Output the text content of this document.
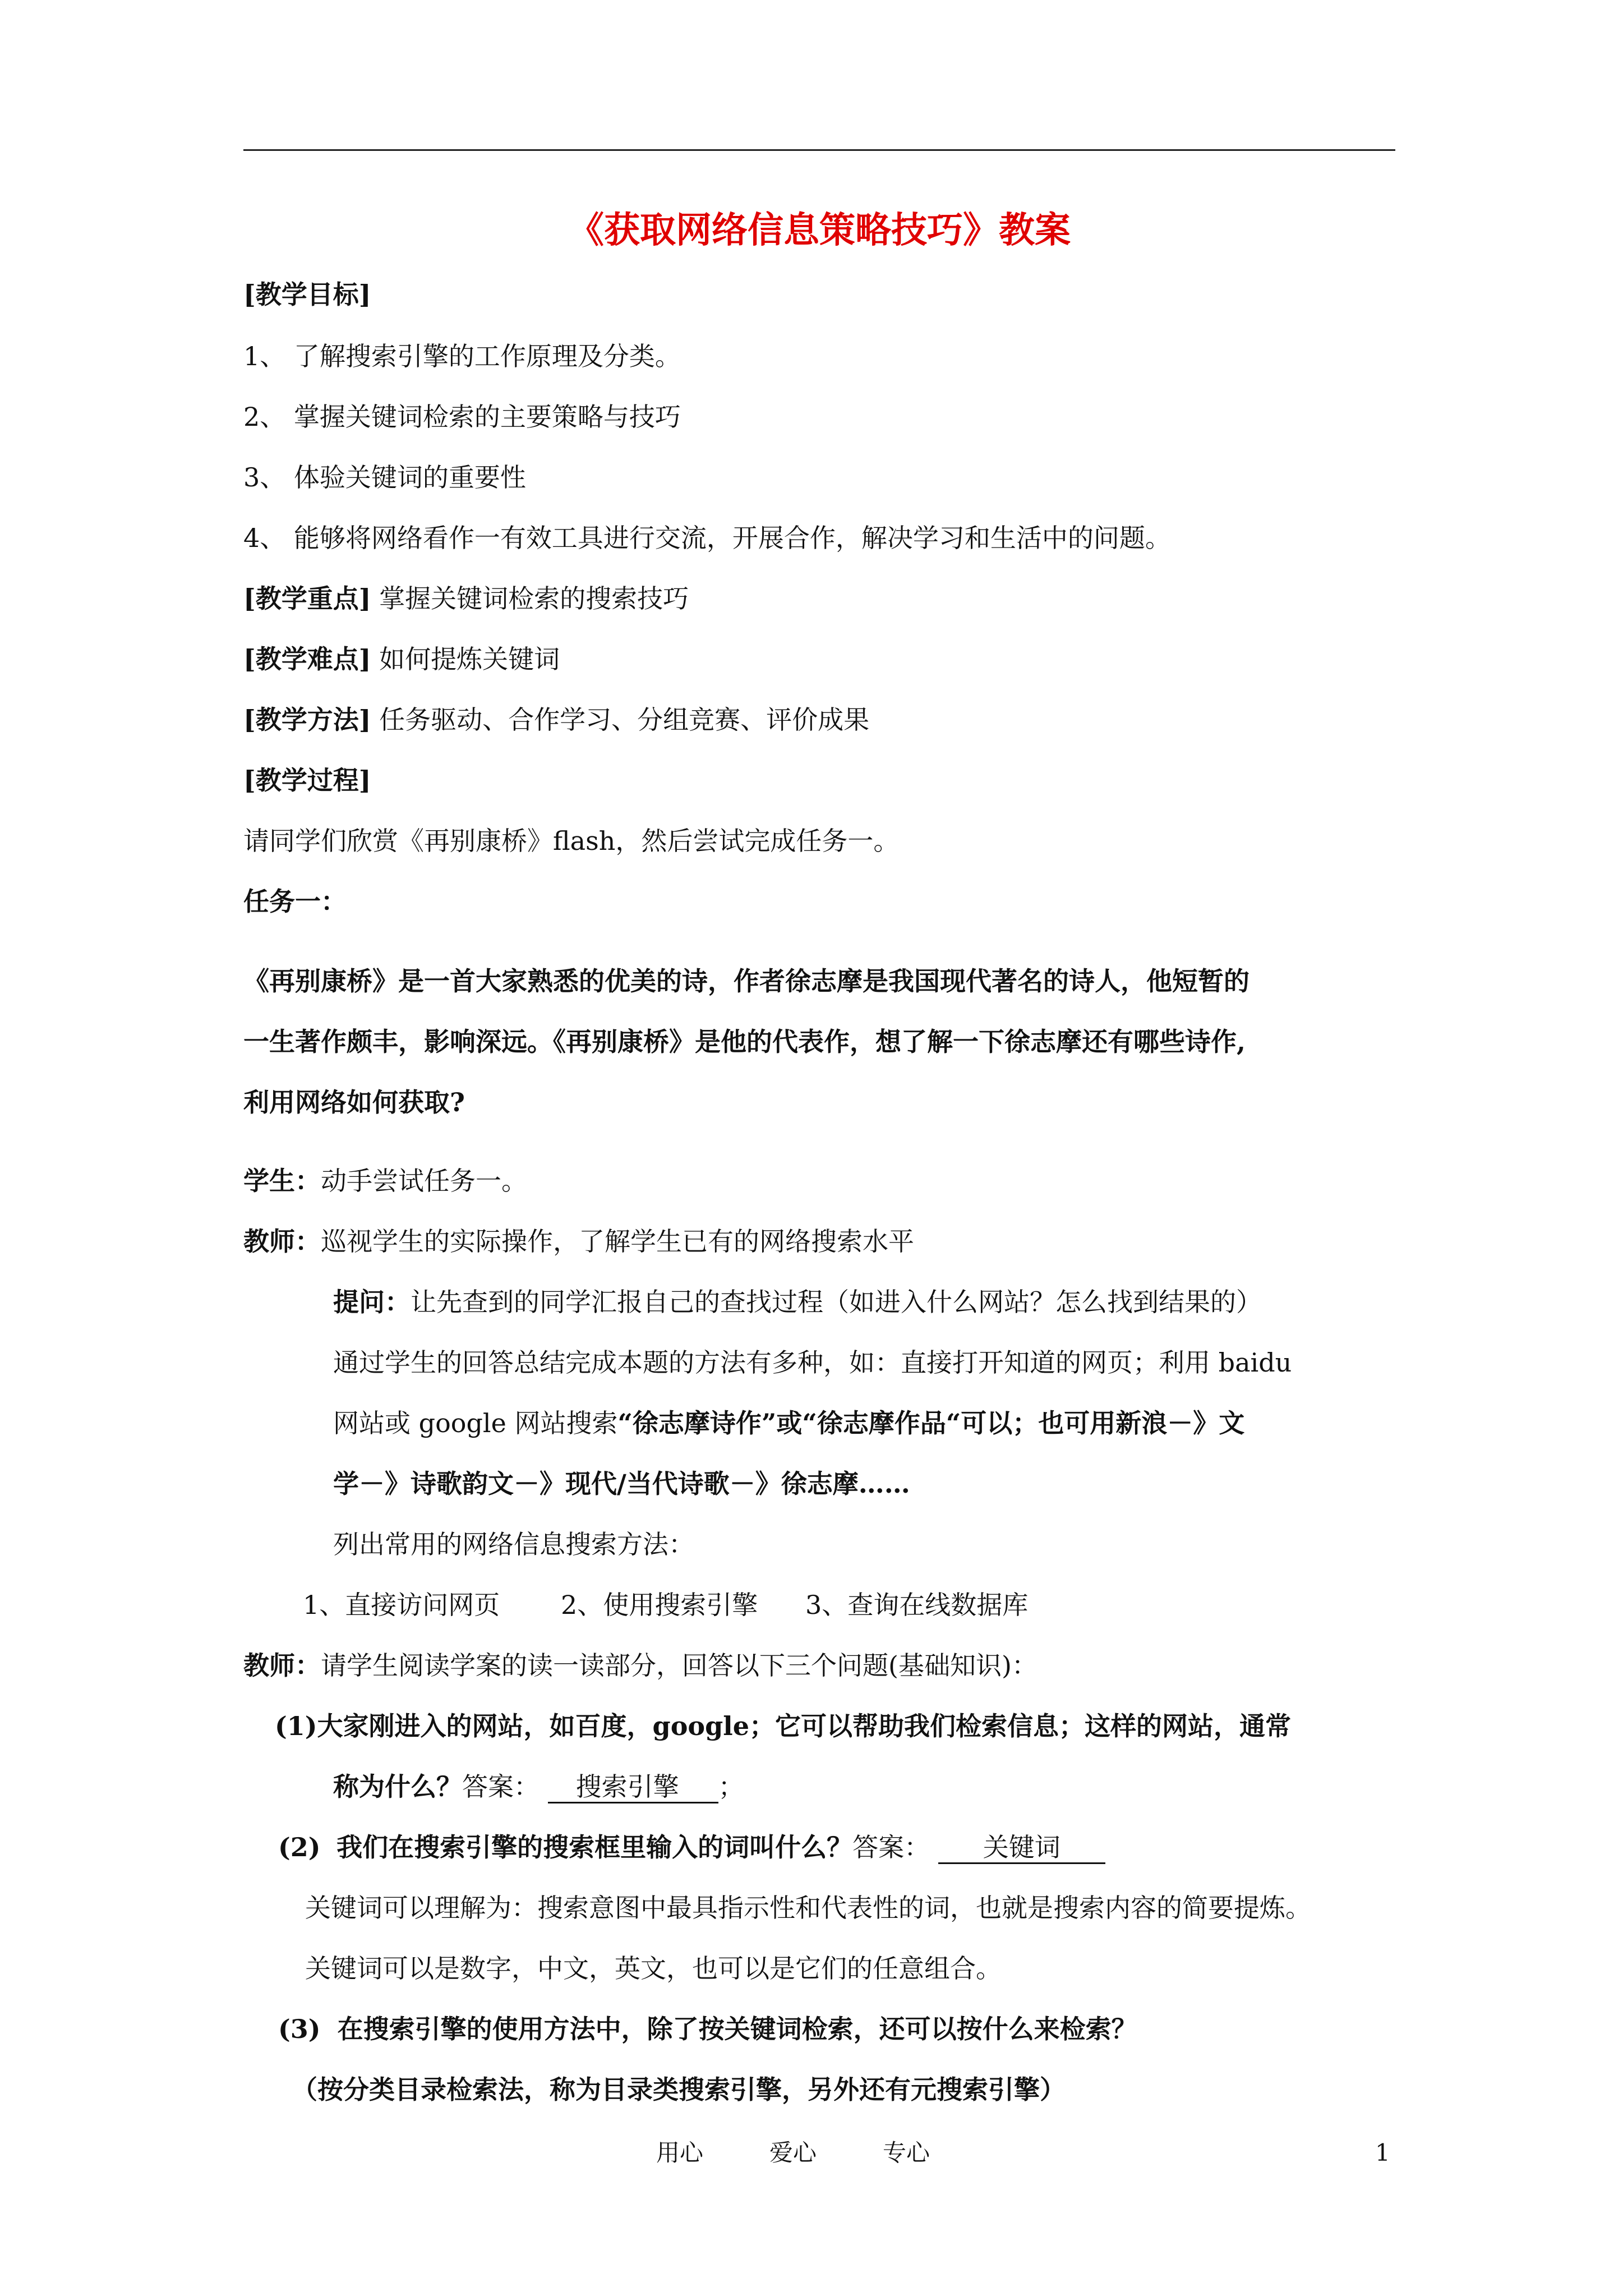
《获取网络信息策略技巧》教案
[教学目标]
1、 了解搜索引擎的工作原理及分类。
2、 掌握关键词检索的主要策略与技巧
3、 体验关键词的重要性
4、 能够将网络看作一有效工具进行交流，开展合作，解决学习和生活中的问题。
[教学重点] 掌握关键词检索的搜索技巧
[教学难点] 如何提炼关键词
[教学方法] 任务驱动、合作学习、分组竞赛、评价成果
[教学过程]
请同学们欣赏《再别康桥》flash，然后尝试完成任务一。
任务一：
《再别康桥》是一首大家熟悉的优美的诗，作者徐志摩是我国现代著名的诗人，他短暂的
一生著作颇丰，影响深远。《再别康桥》是他的代表作，想了解一下徐志摩还有哪些诗作,
利用网络如何获取?
学生：动手尝试任务一。
教师：巡视学生的实际操作，了解学生已有的网络搜索水平
提问：让先查到的同学汇报自己的查找过程（如进入什么网站？怎么找到结果的）
通过学生的回答总结完成本题的方法有多种，如：直接打开知道的网页；利用 baidu
网站或 google 网站搜索“徐志摩诗作”或“徐志摩作品“可以；也可用新浪－》文
学－》诗歌韵文－》现代/当代诗歌－》徐志摩……
列出常用的网络信息搜索方法：
1、直接访问网页 2、使用搜索引擎 3、查询在线数据库
教师：请学生阅读学案的读一读部分，回答以下三个问题(基础知识)：
(1)大家刚进入的网站，如百度，google；它可以帮助我们检索信息；这样的网站，通常
称为什么？答案： 搜索引擎 ；
(2) 我们在搜索引擎的搜索框里输入的词叫什么？答案： 关键词
关键词可以理解为：搜索意图中最具指示性和代表性的词，也就是搜索内容的简要提炼。
关键词可以是数字，中文，英文，也可以是它们的任意组合。
(3) 在搜索引擎的使用方法中，除了按关键词检索，还可以按什么来检索？
（按分类目录检索法，称为目录类搜索引擎，另外还有元搜索引擎）
用心	爱心	专心	1
